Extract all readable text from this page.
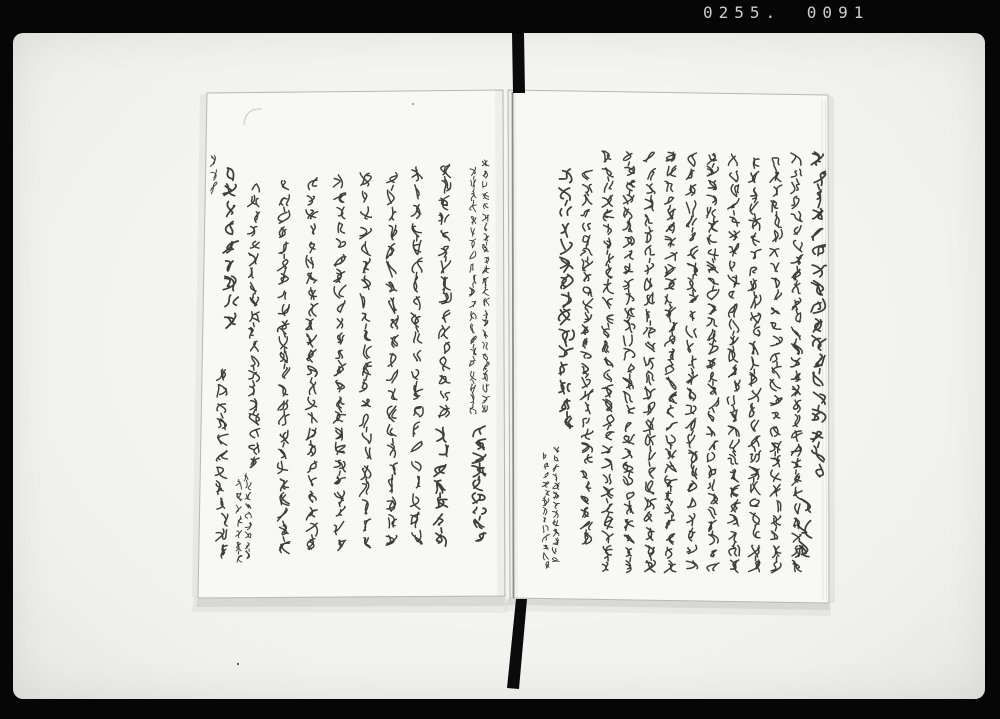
0255. 0091
